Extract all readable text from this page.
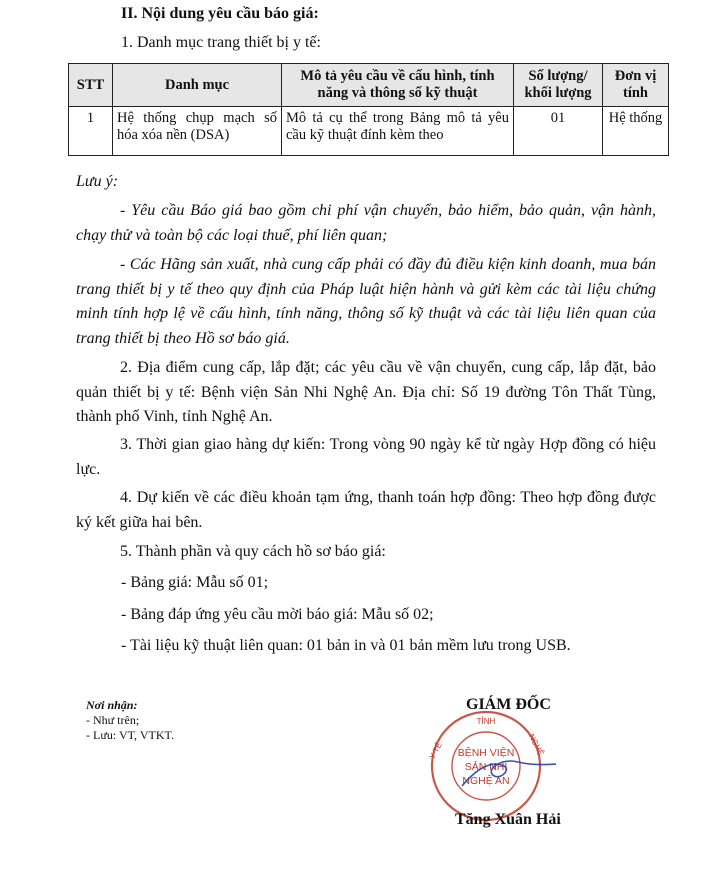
II. Nội dung yêu cầu báo giá:
1. Danh mục trang thiết bị y tế:
STT	Danh mục	Mô tả yêu cầu về cấu hình, tính năng và thông số kỹ thuật	Số lượng/ khối lượng	Đơn vị tính
1	Hệ thống chụp mạch số hóa xóa nền (DSA)	Mô tả cụ thể trong Bảng mô tả yêu cầu kỹ thuật đính kèm theo	01	Hệ thống
Lưu ý:
- Yêu cầu Báo giá bao gồm chi phí vận chuyển, bảo hiểm, bảo quản, vận hành, chạy thử và toàn bộ các loại thuế, phí liên quan;
- Các Hãng sản xuất, nhà cung cấp phải có đầy đủ điều kiện kinh doanh, mua bán trang thiết bị y tế theo quy định của Pháp luật hiện hành và gửi kèm các tài liệu chứng minh tính hợp lệ về cấu hình, tính năng, thông số kỹ thuật và các tài liệu liên quan của trang thiết bị theo Hồ sơ báo giá.
2. Địa điểm cung cấp, lắp đặt; các yêu cầu về vận chuyển, cung cấp, lắp đặt, bảo quản thiết bị y tế: Bệnh viện Sản Nhi Nghệ An. Địa chỉ: Số 19 đường Tôn Thất Tùng, thành phố Vinh, tỉnh Nghệ An.
3. Thời gian giao hàng dự kiến: Trong vòng 90 ngày kể từ ngày Hợp đồng có hiệu lực.
4. Dự kiến về các điều khoản tạm ứng, thanh toán hợp đồng: Theo hợp đồng được ký kết giữa hai bên.
5. Thành phần và quy cách hồ sơ báo giá:
- Bảng giá: Mẫu số 01;
- Bảng đáp ứng yêu cầu mời báo giá: Mẫu số 02;
- Tài liệu kỹ thuật liên quan: 01 bản in và 01 bản mềm lưu trong USB.
Nơi nhận:
- Như trên;
- Lưu: VT, VTKT.
GIÁM ĐỐC
TỈNH
NGHỆ
Y TẾ BỆNH VIỆN
SẢN NHI
NGHỆ AN
Tăng Xuân Hải
